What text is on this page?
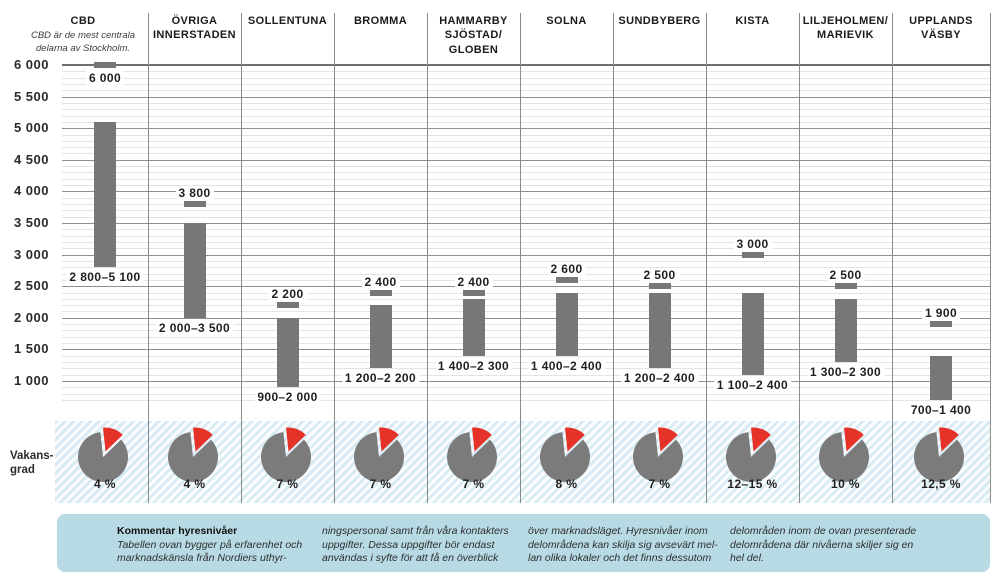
6 000
5 500
5 000
4 500
4 000
3 500
3 000
2 500
2 000
1 500
1 000
Vakans-
grad
Kommentar hyresnivåer
Tabellen ovan bygger på erfarenhet och
marknadskänsla från Nordiers uthyr-
ningspersonal samt från våra kontakters
uppgifter. Dessa uppgifter bör endast
användas i syfte för att få en överblick
över marknadsläget. Hyresnivåer inom
delområdena kan skilja sig avsevärt mel-
lan olika lokaler och det finns dessutom
delområden inom de ovan presenterade
delområdena där nivåerna skiljer sig en
hel del.
CBD
CBD är de mest centrala delarna av Stockholm.
6 000
2 800–5 100
4 %
ÖVRIGA
INNERSTADEN
3 800
2 000–3 500
4 %
SOLLENTUNA
2 200
900–2 000
7 %
BROMMA
2 400
1 200–2 200
7 %
HAMMARBY
SJÖSTAD/
GLOBEN
2 400
1 400–2 300
7 %
SOLNA
2 600
1 400–2 400
8 %
SUNDBYBERG
2 500
1 200–2 400
7 %
KISTA
3 000
1 100–2 400
12–15 %
LILJEHOLMEN/
MARIEVIK
2 500
1 300–2 300
10 %
UPPLANDS
VÄSBY
1 900
700–1 400
12,5 %
